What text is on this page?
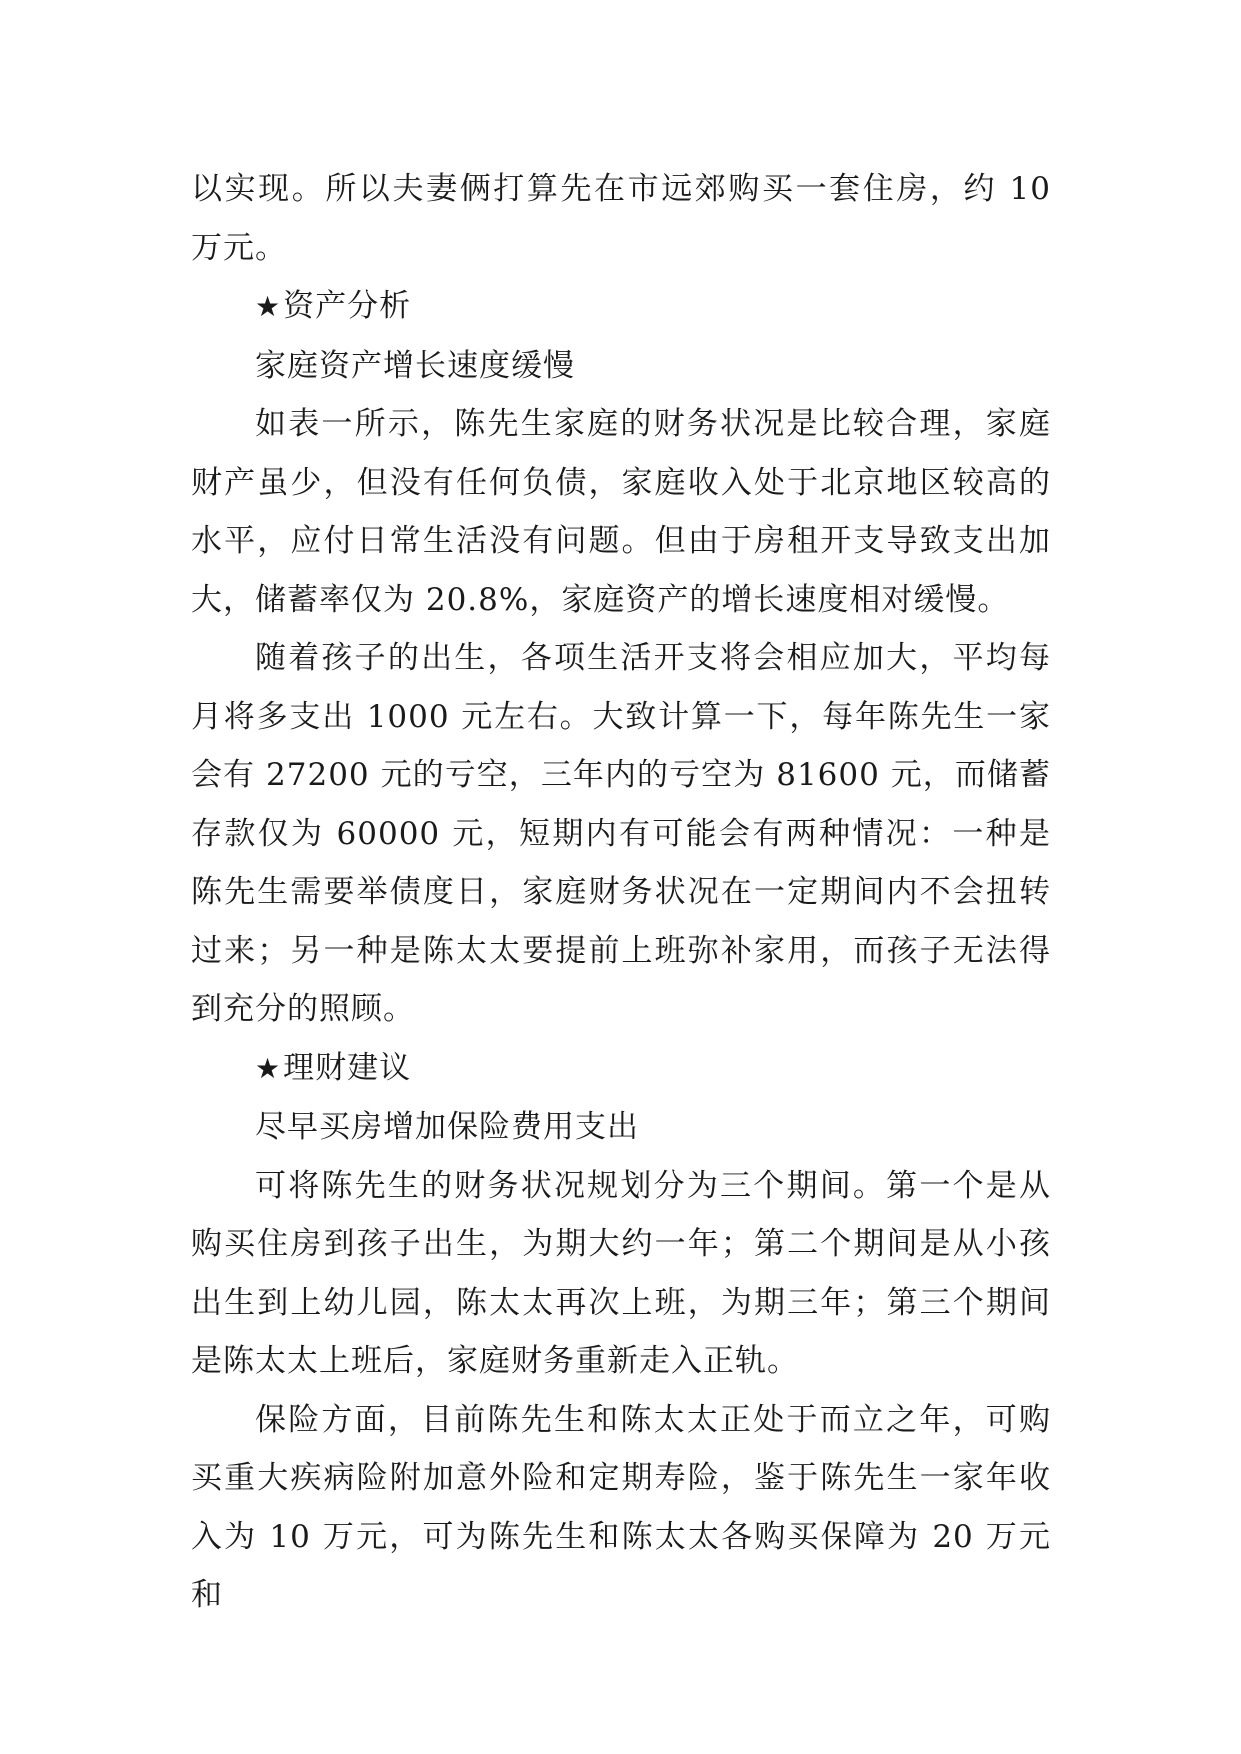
以实现。所以夫妻俩打算先在市远郊购买一套住房，约 10 万元。

★资产分析

家庭资产增长速度缓慢

如表一所示，陈先生家庭的财务状况是比较合理，家庭财产虽少，但没有任何负债，家庭收入处于北京地区较高的水平，应付日常生活没有问题。但由于房租开支导致支出加大，储蓄率仅为 20.8%，家庭资产的增长速度相对缓慢。

随着孩子的出生，各项生活开支将会相应加大，平均每月将多支出 1000 元左右。大致计算一下，每年陈先生一家会有 27200 元的亏空，三年内的亏空为 81600 元，而储蓄存款仅为 60000 元，短期内有可能会有两种情况：一种是陈先生需要举债度日，家庭财务状况在一定期间内不会扭转过来；另一种是陈太太要提前上班弥补家用，而孩子无法得到充分的照顾。

★理财建议

尽早买房增加保险费用支出

可将陈先生的财务状况规划分为三个期间。第一个是从购买住房到孩子出生，为期大约一年；第二个期间是从小孩出生到上幼儿园，陈太太再次上班，为期三年；第三个期间是陈太太上班后，家庭财务重新走入正轨。

保险方面，目前陈先生和陈太太正处于而立之年，可购买重大疾病险附加意外险和定期寿险，鉴于陈先生一家年收入为 10 万元，可为陈先生和陈太太各购买保障为 20 万元和
